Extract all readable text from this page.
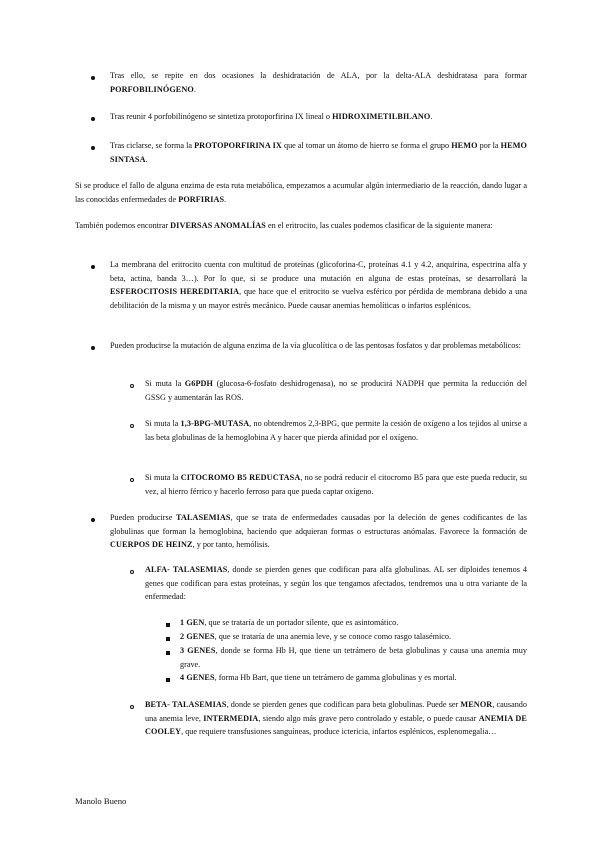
Tras ello, se repite en dos ocasiones la deshidratación de ALA, por la delta-ALA deshidratasa para formar PORFOBILINÓGENO.
Tras reunir 4 porfobilinógeno se sintetiza protoporfirina IX lineal o HIDROXIMETILBILANO.
Tras ciclarse, se forma la PROTOPORFIRINA IX que al tomar un átomo de hierro se forma el grupo HEMO por la HEMO SINTASA.
Si se produce el fallo de alguna enzima de esta ruta metabólica, empezamos a acumular algún intermediario de la reacción, dando lugar a las conocidas enfermedades de PORFIRIAS.
También podemos encontrar DIVERSAS ANOMALÍAS en el eritrocito, las cuales podemos clasificar de la siguiente manera:
La membrana del eritrocito cuenta con multitud de proteínas (glicoforina-C, proteínas 4.1 y 4.2, anquirina, espectrina alfa y beta, actina, banda 3…). Por lo que, si se produce una mutación en alguna de estas proteínas, se desarrollará la ESFEROCITOSIS HEREDITARIA, que hace que el eritrocito se vuelva esférico por pérdida de membrana debido a una debilitación de la misma y un mayor estrés mecánico. Puede causar anemias hemolíticas o infartos esplénicos.
Pueden producirse la mutación de alguna enzima de la vía glucolítica o de las pentosas fosfatos y dar problemas metabólicos:
Si muta la G6PDH (glucosa-6-fosfato deshidrogenasa), no se producirá NADPH que permita la reducción del GSSG y aumentarán las ROS.
Si muta la 1,3-BPG-MUTASA, no obtendremos 2,3-BPG, que permite la cesión de oxígeno a los tejidos al unirse a las beta globulinas de la hemoglobina A y hacer que pierda afinidad por el oxígeno.
Si muta la CITOCROMO B5 REDUCTASA, no se podrá reducir el citocromo B5 para que este pueda reducir, su vez, al hierro férrico y hacerlo ferroso para que pueda captar oxígeno.
Pueden producirse TALASEMIAS, que se trata de enfermedades causadas por la deleción de genes codificantes de las globulinas que forman la hemoglobina, haciendo que adquieran formas o estructuras anómalas. Favorece la formación de CUERPOS DE HEINZ, y por tanto, hemólisis.
ALFA- TALASEMIAS, donde se pierden genes que codifican para alfa globulinas. AL ser diploides tenemos 4 genes que codifican para estas proteínas, y según los que tengamos afectados, tendremos una u otra variante de la enfermedad:
1 GEN, que se trataría de un portador silente, que es asintomático.
2 GENES, que se trataría de una anemia leve, y se conoce como rasgo talasémico.
3 GENES, donde se forma Hb H, que tiene un tetrámero de beta globulinas y causa una anemia muy grave.
4 GENES, forma Hb Bart, que tiene un tetrámero de gamma globulinas y es mortal.
BETA- TALASEMIAS, donde se pierden genes que codifican para beta globulinas. Puede ser MENOR, causando una anemia leve, INTERMEDIA, siendo algo más grave pero controlado y estable, o puede causar ANEMIA DE COOLEY, que requiere transfusiones sanguíneas, produce ictericia, infartos esplénicos, esplenomegalia…
Manolo Bueno
